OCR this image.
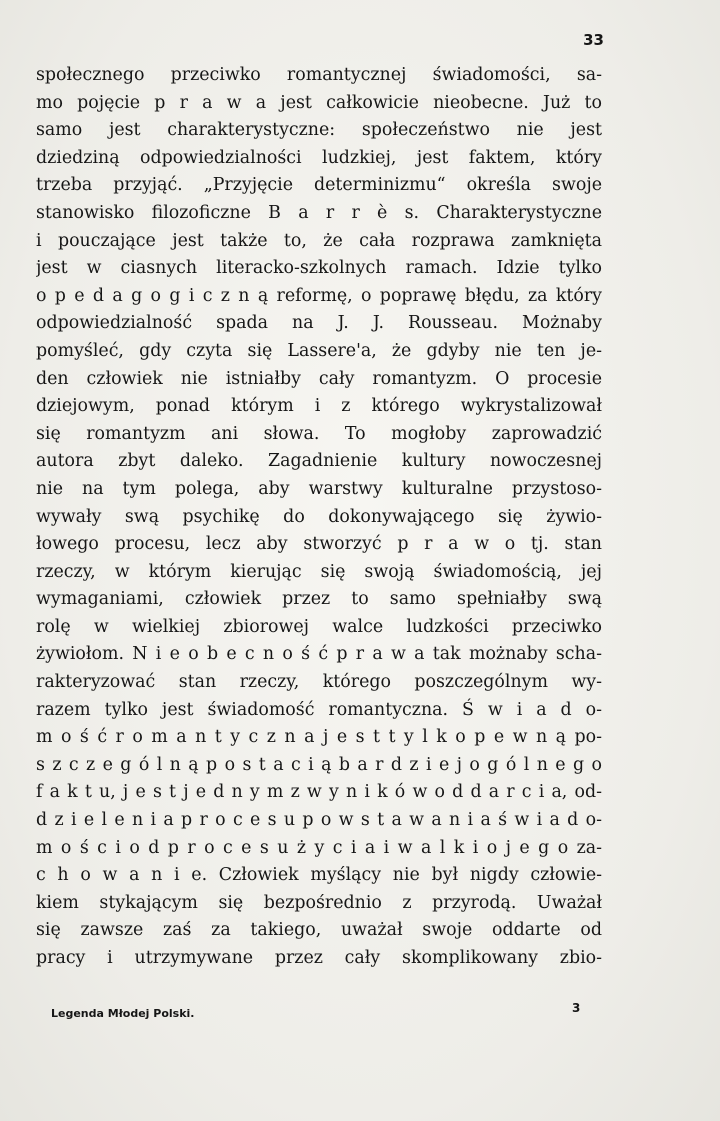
33
społecznego przeciwko romantycznej świadomości, sa-
mo pojęcie p r a w a jest całkowicie nieobecne. Już to
samo jest charakterystyczne: społeczeństwo nie jest
dziedziną odpowiedzialności ludzkiej, jest faktem, który
trzeba przyjąć. „Przyjęcie determinizmu“ określa swoje
stanowisko filozoficzne B a r r è s. Charakterystyczne
i pouczające jest także to, że cała rozprawa zamknięta
jest w ciasnych literacko-szkolnych ramach. Idzie tylko
o p e d a g o g i c z n ą reformę, o poprawę błędu, za który
odpowiedzialność spada na J. J. Rousseau. Możnaby
pomyśleć, gdy czyta się Lassere'a, że gdyby nie ten je-
den człowiek nie istniałby cały romantyzm. O procesie
dziejowym, ponad którym i z którego wykrystalizował
się romantyzm ani słowa. To mogłoby zaprowadzić
autora zbyt daleko. Zagadnienie kultury nowoczesnej
nie na tym polega, aby warstwy kulturalne przystoso-
wywały swą psychikę do dokonywającego się żywio-
łowego procesu, lecz aby stworzyć p r a w o tj. stan
rzeczy, w którym kierując się swoją świadomością, jej
wymaganiami, człowiek przez to samo spełniałby swą
rolę w wielkiej zbiorowej walce ludzkości przeciwko
żywiołom. N i e o b e c n o ś ć p r a w a tak możnaby scha-
rakteryzować stan rzeczy, którego poszczególnym wy-
razem tylko jest świadomość romantyczna. Ś w i a d o-
m o ś ć r o m a n t y c z n a j e s t t y l k o p e w n ą po-
s z c z e g ó l n ą p o s t a c i ą b a r d z i e j o g ó l n e g o
f a k t u, j e s t j e d n y m z w y n i k ó w o d d a r c i a, od-
d z i e l e n i a p r o c e s u p o w s t a w a n i a ś w i a d o-
m o ś c i o d p r o c e s u ż y c i a i w a l k i o j e g o za-
c h o w a n i e. Człowiek myślący nie był nigdy człowie-
kiem stykającym się bezpośrednio z przyrodą. Uważał
się zawsze zaś za takiego, uważał swoje oddarte od
pracy i utrzymywane przez cały skomplikowany zbio-
Legenda Młodej Polski.	3
